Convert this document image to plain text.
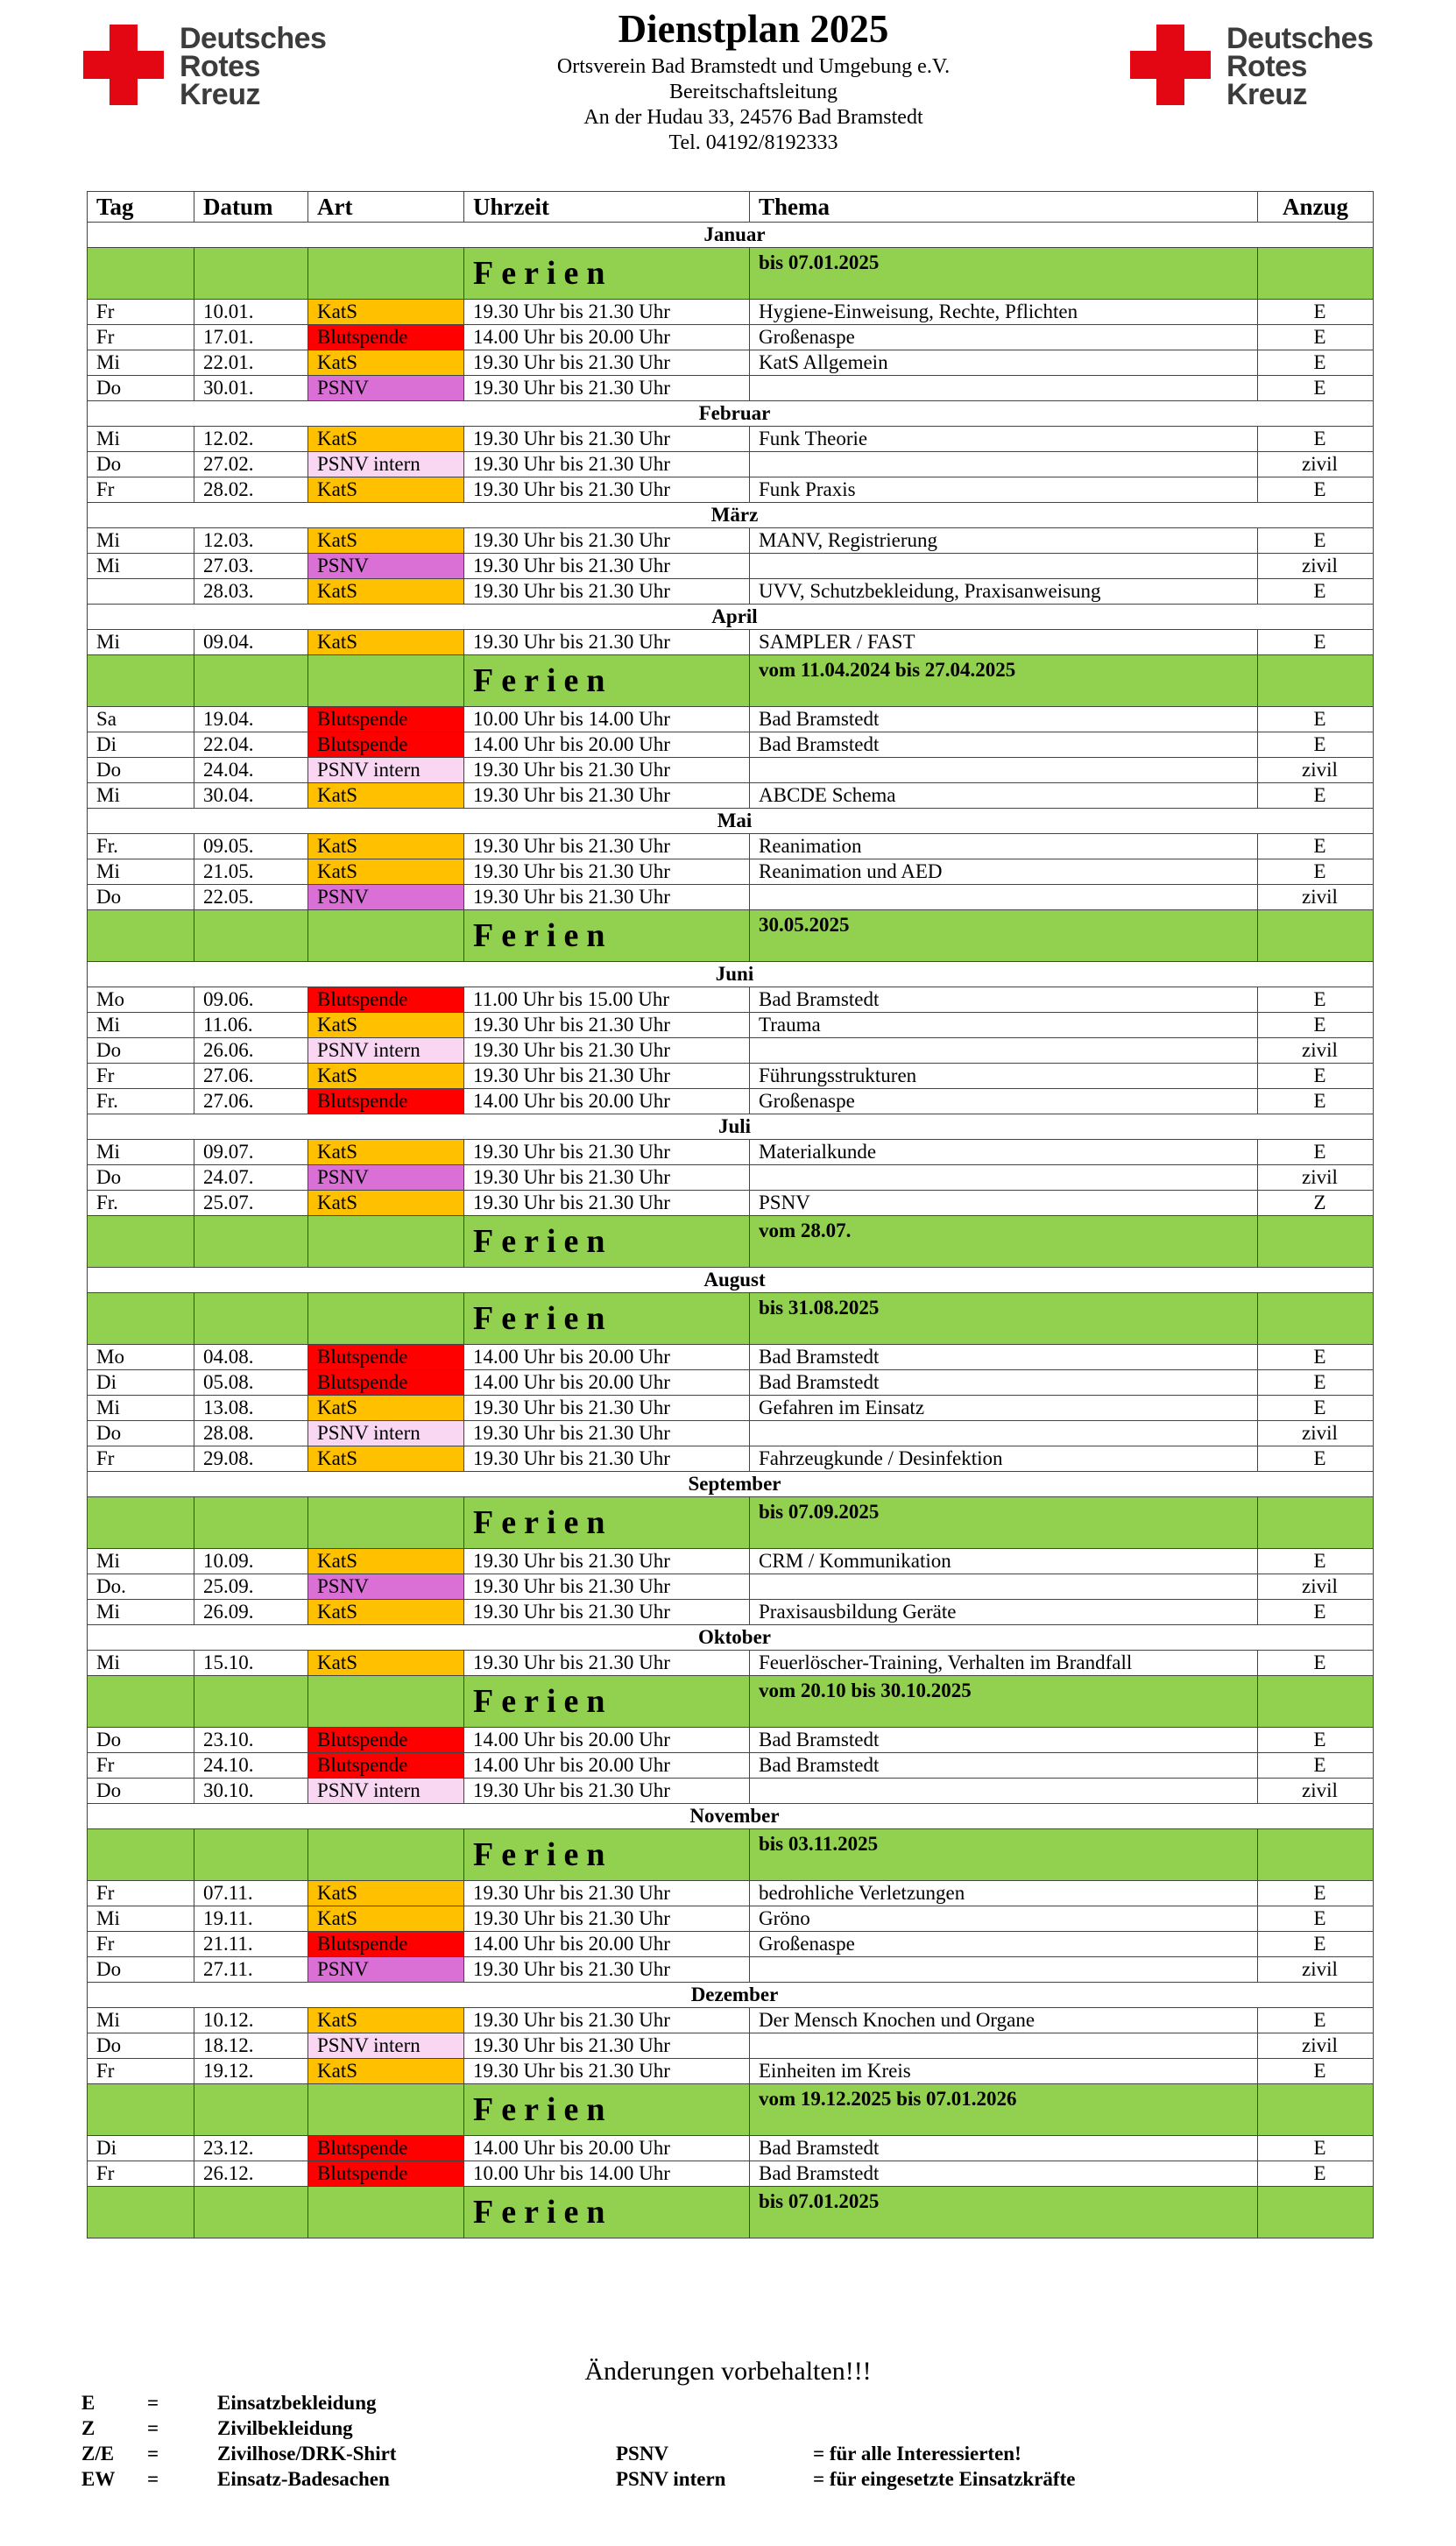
Deutsches
Rotes
Kreuz
Dienstplan 2025
Ortsverein Bad Bramstedt und Umgebung e.V.
Bereitschaftsleitung
An der Hudau 33, 24576 Bad Bramstedt
Tel. 04192/8192333
Deutsches
Rotes
Kreuz
Tag	Datum	Art	Uhrzeit	Thema	Anzug
Januar					
			Ferien	bis 07.01.2025	
Fr	10.01.	KatS	19.30 Uhr bis 21.30 Uhr	Hygiene-Einweisung, Rechte, Pflichten	E
Fr	17.01.	Blutspende	14.00 Uhr bis 20.00 Uhr	Großenaspe	E
Mi	22.01.	KatS	19.30 Uhr bis 21.30 Uhr	KatS Allgemein	E
Do	30.01.	PSNV	19.30 Uhr bis 21.30 Uhr		E
Februar					
Mi	12.02.	KatS	19.30 Uhr bis 21.30 Uhr	Funk Theorie	E
Do	27.02.	PSNV intern	19.30 Uhr bis 21.30 Uhr		zivil
Fr	28.02.	KatS	19.30 Uhr bis 21.30 Uhr	Funk Praxis	E
März					
Mi	12.03.	KatS	19.30 Uhr bis 21.30 Uhr	MANV, Registrierung	E
Mi	27.03.	PSNV	19.30 Uhr bis 21.30 Uhr		zivil
	28.03.	KatS	19.30 Uhr bis 21.30 Uhr	UVV, Schutzbekleidung, Praxisanweisung	E
April					
Mi	09.04.	KatS	19.30 Uhr bis 21.30 Uhr	SAMPLER / FAST	E
			Ferien	vom 11.04.2024 bis 27.04.2025	
Sa	19.04.	Blutspende	10.00 Uhr bis 14.00 Uhr	Bad Bramstedt	E
Di	22.04.	Blutspende	14.00 Uhr bis 20.00 Uhr	Bad Bramstedt	E
Do	24.04.	PSNV intern	19.30 Uhr bis 21.30 Uhr		zivil
Mi	30.04.	KatS	19.30 Uhr bis 21.30 Uhr	ABCDE Schema	E
Mai					
Fr.	09.05.	KatS	19.30 Uhr bis 21.30 Uhr	Reanimation	E
Mi	21.05.	KatS	19.30 Uhr bis 21.30 Uhr	Reanimation und AED	E
Do	22.05.	PSNV	19.30 Uhr bis 21.30 Uhr		zivil
			Ferien	30.05.2025	
Juni					
Mo	09.06.	Blutspende	11.00 Uhr bis 15.00 Uhr	Bad Bramstedt	E
Mi	11.06.	KatS	19.30 Uhr bis 21.30 Uhr	Trauma	E
Do	26.06.	PSNV intern	19.30 Uhr bis 21.30 Uhr		zivil
Fr	27.06.	KatS	19.30 Uhr bis 21.30 Uhr	Führungsstrukturen	E
Fr.	27.06.	Blutspende	14.00 Uhr bis 20.00 Uhr	Großenaspe	E
Juli					
Mi	09.07.	KatS	19.30 Uhr bis 21.30 Uhr	Materialkunde	E
Do	24.07.	PSNV	19.30 Uhr bis 21.30 Uhr		zivil
Fr.	25.07.	KatS	19.30 Uhr bis 21.30 Uhr	PSNV	Z
			Ferien	vom 28.07.	
August					
			Ferien	bis 31.08.2025	
Mo	04.08.	Blutspende	14.00 Uhr bis 20.00 Uhr	Bad Bramstedt	E
Di	05.08.	Blutspende	14.00 Uhr bis 20.00 Uhr	Bad Bramstedt	E
Mi	13.08.	KatS	19.30 Uhr bis 21.30 Uhr	Gefahren im Einsatz	E
Do	28.08.	PSNV intern	19.30 Uhr bis 21.30 Uhr		zivil
Fr	29.08.	KatS	19.30 Uhr bis 21.30 Uhr	Fahrzeugkunde / Desinfektion	E
September					
			Ferien	bis 07.09.2025	
Mi	10.09.	KatS	19.30 Uhr bis 21.30 Uhr	CRM / Kommunikation	E
Do.	25.09.	PSNV	19.30 Uhr bis 21.30 Uhr		zivil
Mi	26.09.	KatS	19.30 Uhr bis 21.30 Uhr	Praxisausbildung Geräte	E
Oktober					
Mi	15.10.	KatS	19.30 Uhr bis 21.30 Uhr	Feuerlöscher-Training, Verhalten im Brandfall	E
			Ferien	vom 20.10 bis 30.10.2025	
Do	23.10.	Blutspende	14.00 Uhr bis 20.00 Uhr	Bad Bramstedt	E
Fr	24.10.	Blutspende	14.00 Uhr bis 20.00 Uhr	Bad Bramstedt	E
Do	30.10.	PSNV intern	19.30 Uhr bis 21.30 Uhr		zivil
November					
			Ferien	bis 03.11.2025	
Fr	07.11.	KatS	19.30 Uhr bis 21.30 Uhr	bedrohliche Verletzungen	E
Mi	19.11.	KatS	19.30 Uhr bis 21.30 Uhr	Gröno	E
Fr	21.11.	Blutspende	14.00 Uhr bis 20.00 Uhr	Großenaspe	E
Do	27.11.	PSNV	19.30 Uhr bis 21.30 Uhr		zivil
Dezember					
Mi	10.12.	KatS	19.30 Uhr bis 21.30 Uhr	Der Mensch Knochen und Organe	E
Do	18.12.	PSNV intern	19.30 Uhr bis 21.30 Uhr		zivil
Fr	19.12.	KatS	19.30 Uhr bis 21.30 Uhr	Einheiten im Kreis	E
			Ferien	vom 19.12.2025 bis 07.01.2026	
Di	23.12.	Blutspende	14.00 Uhr bis 20.00 Uhr	Bad Bramstedt	E
Fr	26.12.	Blutspende	10.00 Uhr bis 14.00 Uhr	Bad Bramstedt	E
			Ferien	bis 07.01.2025	
Änderungen vorbehalten!!!
E	=	Einsatzbekleidung		
Z	=	Zivilbekleidung		
Z/E	=	Zivilhose/DRK-Shirt	PSNV	= für alle Interessierten!
EW	=	Einsatz-Badesachen	PSNV intern	= für eingesetzte Einsatzkräfte
